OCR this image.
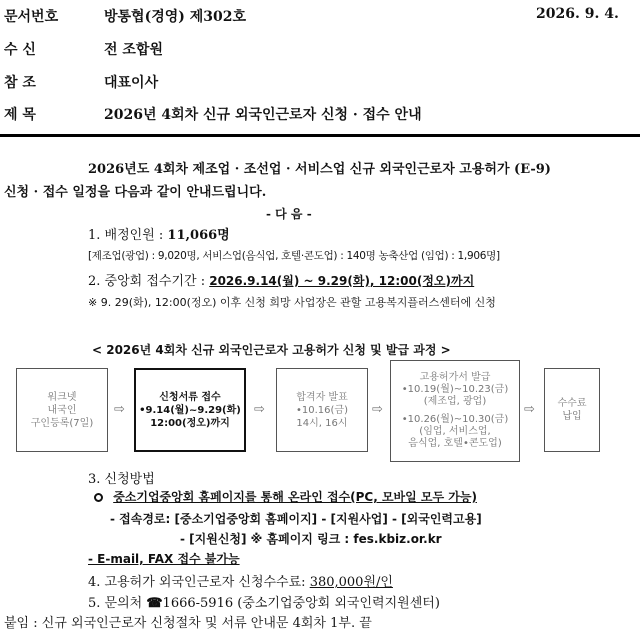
문서번호	방통협(경영) 제302호	2026. 9. 4.
수 신	전 조합원
참 조	대표이사
제 목	2026년 4회차 신규 외국인근로자 신청 · 접수 안내
2026년도 4회차 제조업 · 조선업 · 서비스업 신규 외국인근로자 고용허가 (E-9)
신청 · 접수 일정을 다음과 같이 안내드립니다.
- 다 음 -
1. 배정인원 : 11,066명
[제조업(광업) : 9,020명, 서비스업(음식업, 호텔·콘도업) : 140명 농축산업 (임업) : 1,906명]
2. 중앙회 접수기간 : 2026.9.14(월) ~ 9.29(화), 12:00(정오)까지
※ 9. 29(화), 12:00(정오) 이후 신청 희망 사업장은 관할 고용복지플러스센터에 신청
< 2026년 4회차 신규 외국인근로자 고용허가 신청 및 발급 과정 >
워크넷
내국인
구인등록(7일)
⇨
신청서류 접수
•9.14(월)~9.29(화)
12:00(정오)까지
⇨
합격자 발표
•10.16(금)
14시, 16시
⇨
고용허가서 발급
•10.19(월)~10.23(금)
(제조업, 광업)
•10.26(월)~10.30(금)
(임업, 서비스업,
음식업, 호텔•콘도업)
⇨ 수수료
납입
3. 신청방법
중소기업중앙회 홈페이지를 통해 온라인 접수(PC, 모바일 모두 가능)
- 접속경로: [중소기업중앙회 홈페이지] - [지원사업] - [외국인력고용]
- [지원신청] ※ 홈페이지 링크 : fes.kbiz.or.kr
- E-mail, FAX 접수 불가능
4. 고용허가 외국인근로자 신청수수료: 380,000원/인
5. 문의처 ☎1666-5916 (중소기업중앙회 외국인력지원센터)
붙임 : 신규 외국인근로자 신청절차 및 서류 안내문 4회차 1부. 끝
